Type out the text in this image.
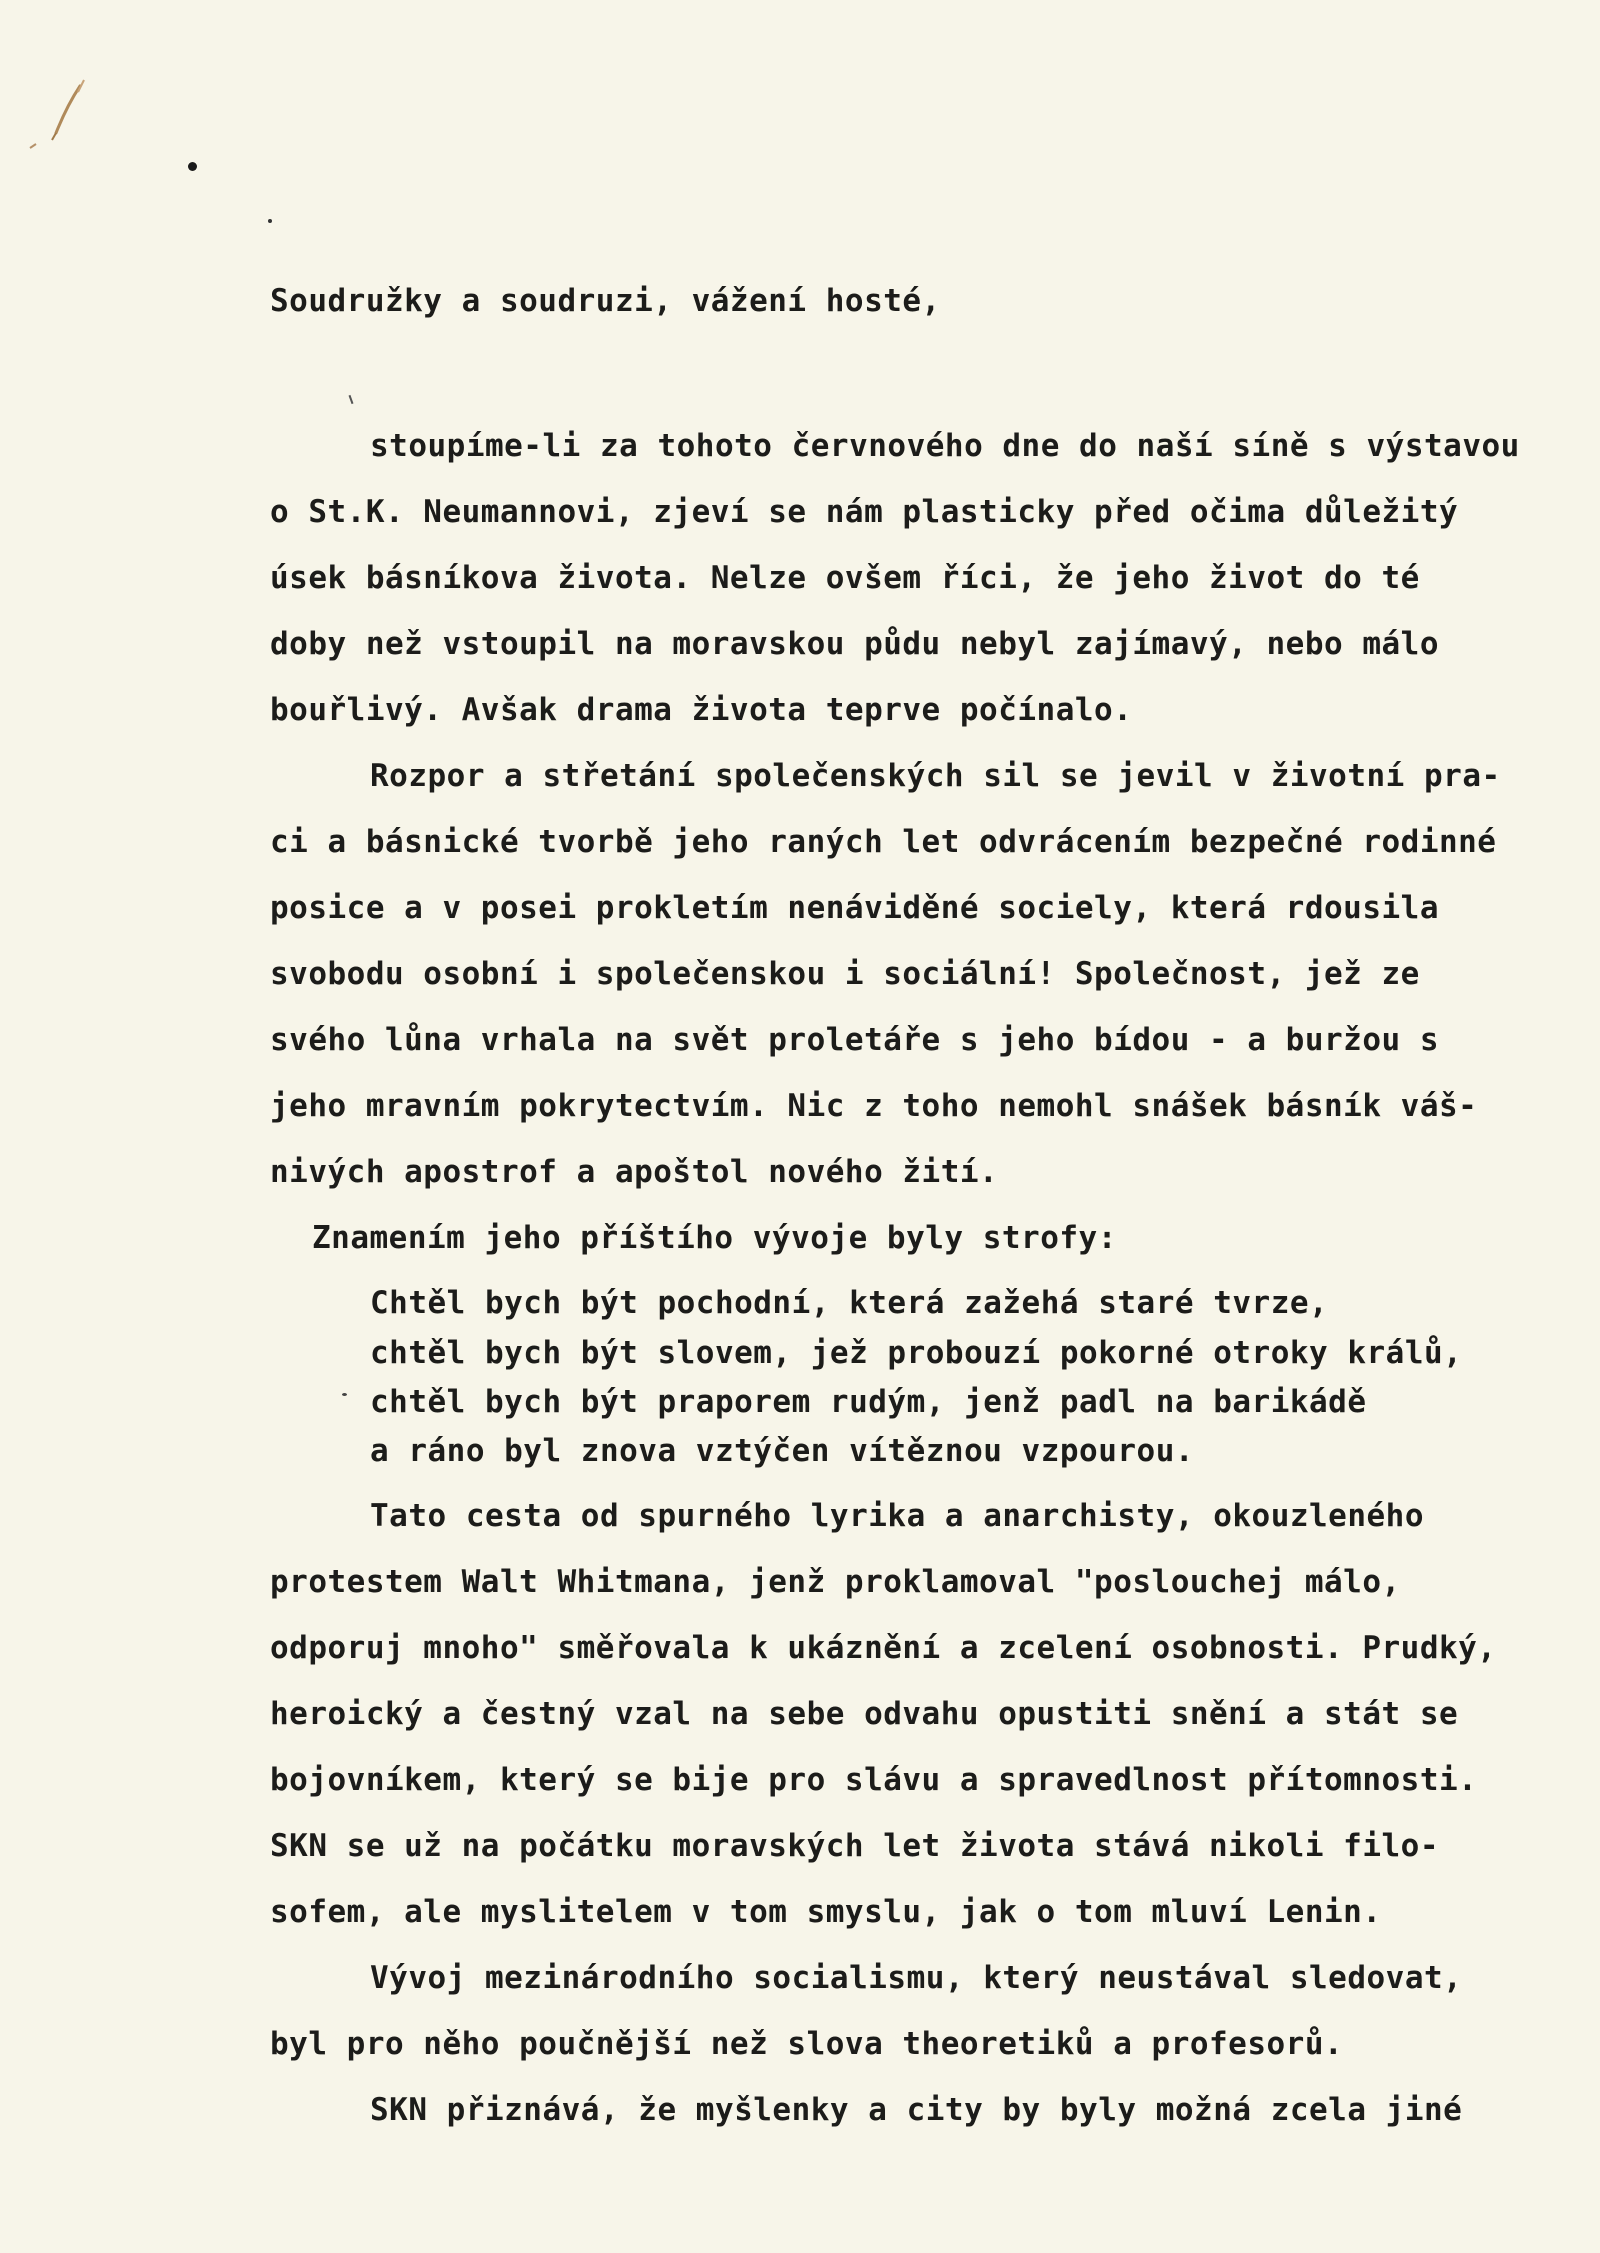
Soudružky a soudruzi, vážení hosté,
stoupíme-li za tohoto červnového dne do naší síně s výstavou
o St.K. Neumannovi, zjeví se nám plasticky před očima důležitý
úsek básníkova života. Nelze ovšem říci, že jeho život do té
doby než vstoupil na moravskou půdu nebyl zajímavý, nebo málo
bouřlivý. Avšak drama života teprve počínalo.
Rozpor a střetání společenských sil se jevil v životní pra-
ci a básnické tvorbě jeho raných let odvrácením bezpečné rodinné
posice a v posei prokletím nenáviděné sociely, která rdousila
svobodu osobní i společenskou i sociální! Společnost, jež ze
svého lůna vrhala na svět proletáře s jeho bídou - a buržou s
jeho mravním pokrytectvím. Nic z toho nemohl snášek básník váš-
nivých apostrof a apoštol nového žití.
Znamením jeho příštího vývoje byly strofy:
Chtěl bych být pochodní, která zažehá staré tvrze,
chtěl bych být slovem, jež probouzí pokorné otroky králů,
chtěl bych být praporem rudým, jenž padl na barikádě
a ráno byl znova vztýčen vítěznou vzpourou.
Tato cesta od spurného lyrika a anarchisty, okouzleného
protestem Walt Whitmana, jenž proklamoval "poslouchej málo,
odporuj mnoho" směřovala k ukáznění a zcelení osobnosti. Prudký,
heroický a čestný vzal na sebe odvahu opustiti snění a stát se
bojovníkem, který se bije pro slávu a spravedlnost přítomnosti.
SKN se už na počátku moravských let života stává nikoli filo-
sofem, ale myslitelem v tom smyslu, jak o tom mluví Lenin.
Vývoj mezinárodního socialismu, který neustával sledovat,
byl pro něho poučnější než slova theoretiků a profesorů.
SKN přiznává, že myšlenky a city by byly možná zcela jiné
